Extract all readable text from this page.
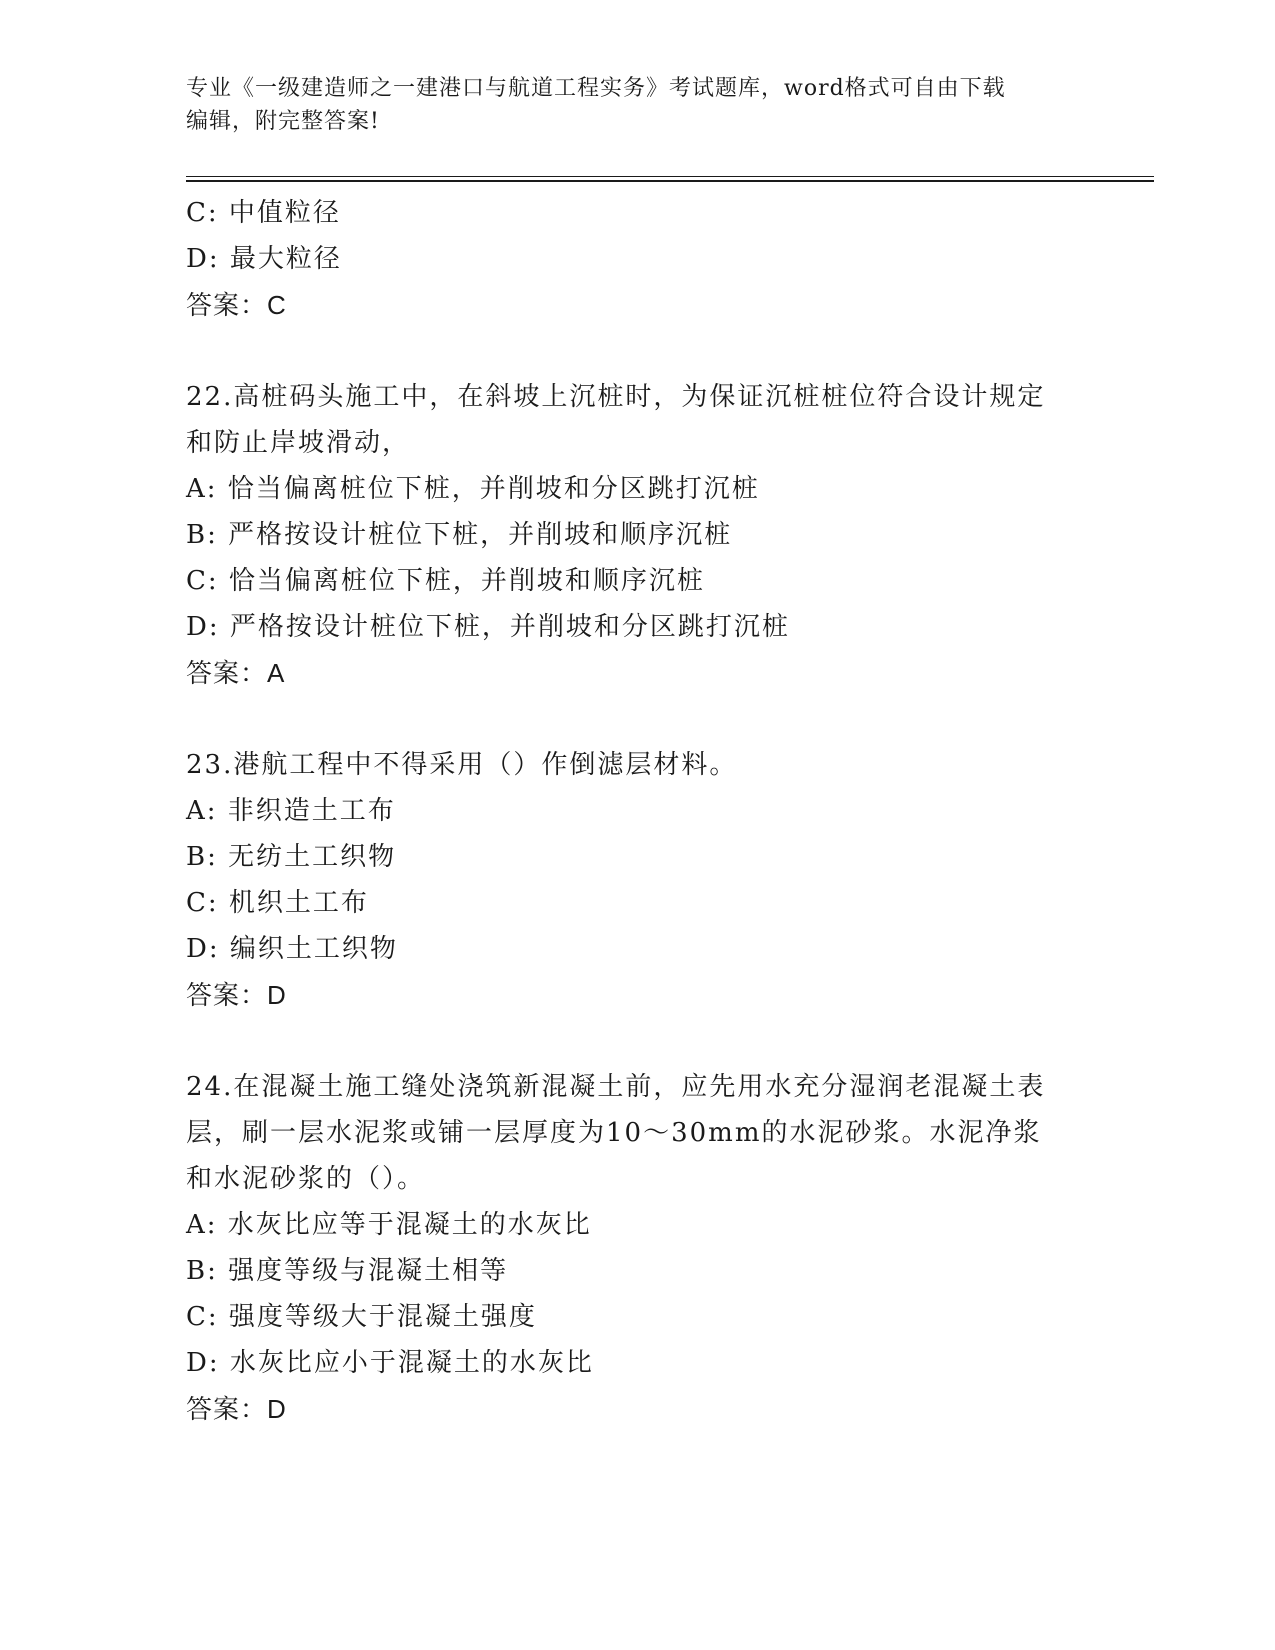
专业《一级建造师之一建港口与航道工程实务》考试题库，word格式可自由下载
编辑，附完整答案!
C: 中值粒径
D: 最大粒径
答案：C
22.高桩码头施工中，在斜坡上沉桩时，为保证沉桩桩位符合设计规定和防止岸坡滑动，
A: 恰当偏离桩位下桩，并削坡和分区跳打沉桩
B: 严格按设计桩位下桩，并削坡和顺序沉桩
C: 恰当偏离桩位下桩，并削坡和顺序沉桩
D: 严格按设计桩位下桩，并削坡和分区跳打沉桩
答案：A
23.港航工程中不得采用（）作倒滤层材料。
A: 非织造土工布
B: 无纺土工织物
C: 机织土工布
D: 编织土工织物
答案：D
24.在混凝土施工缝处浇筑新混凝土前，应先用水充分湿润老混凝土表层，刷一层水泥浆或铺一层厚度为10～30mm的水泥砂浆。水泥净浆和水泥砂浆的（）。
A: 水灰比应等于混凝土的水灰比
B: 强度等级与混凝土相等
C: 强度等级大于混凝土强度
D: 水灰比应小于混凝土的水灰比
答案：D
